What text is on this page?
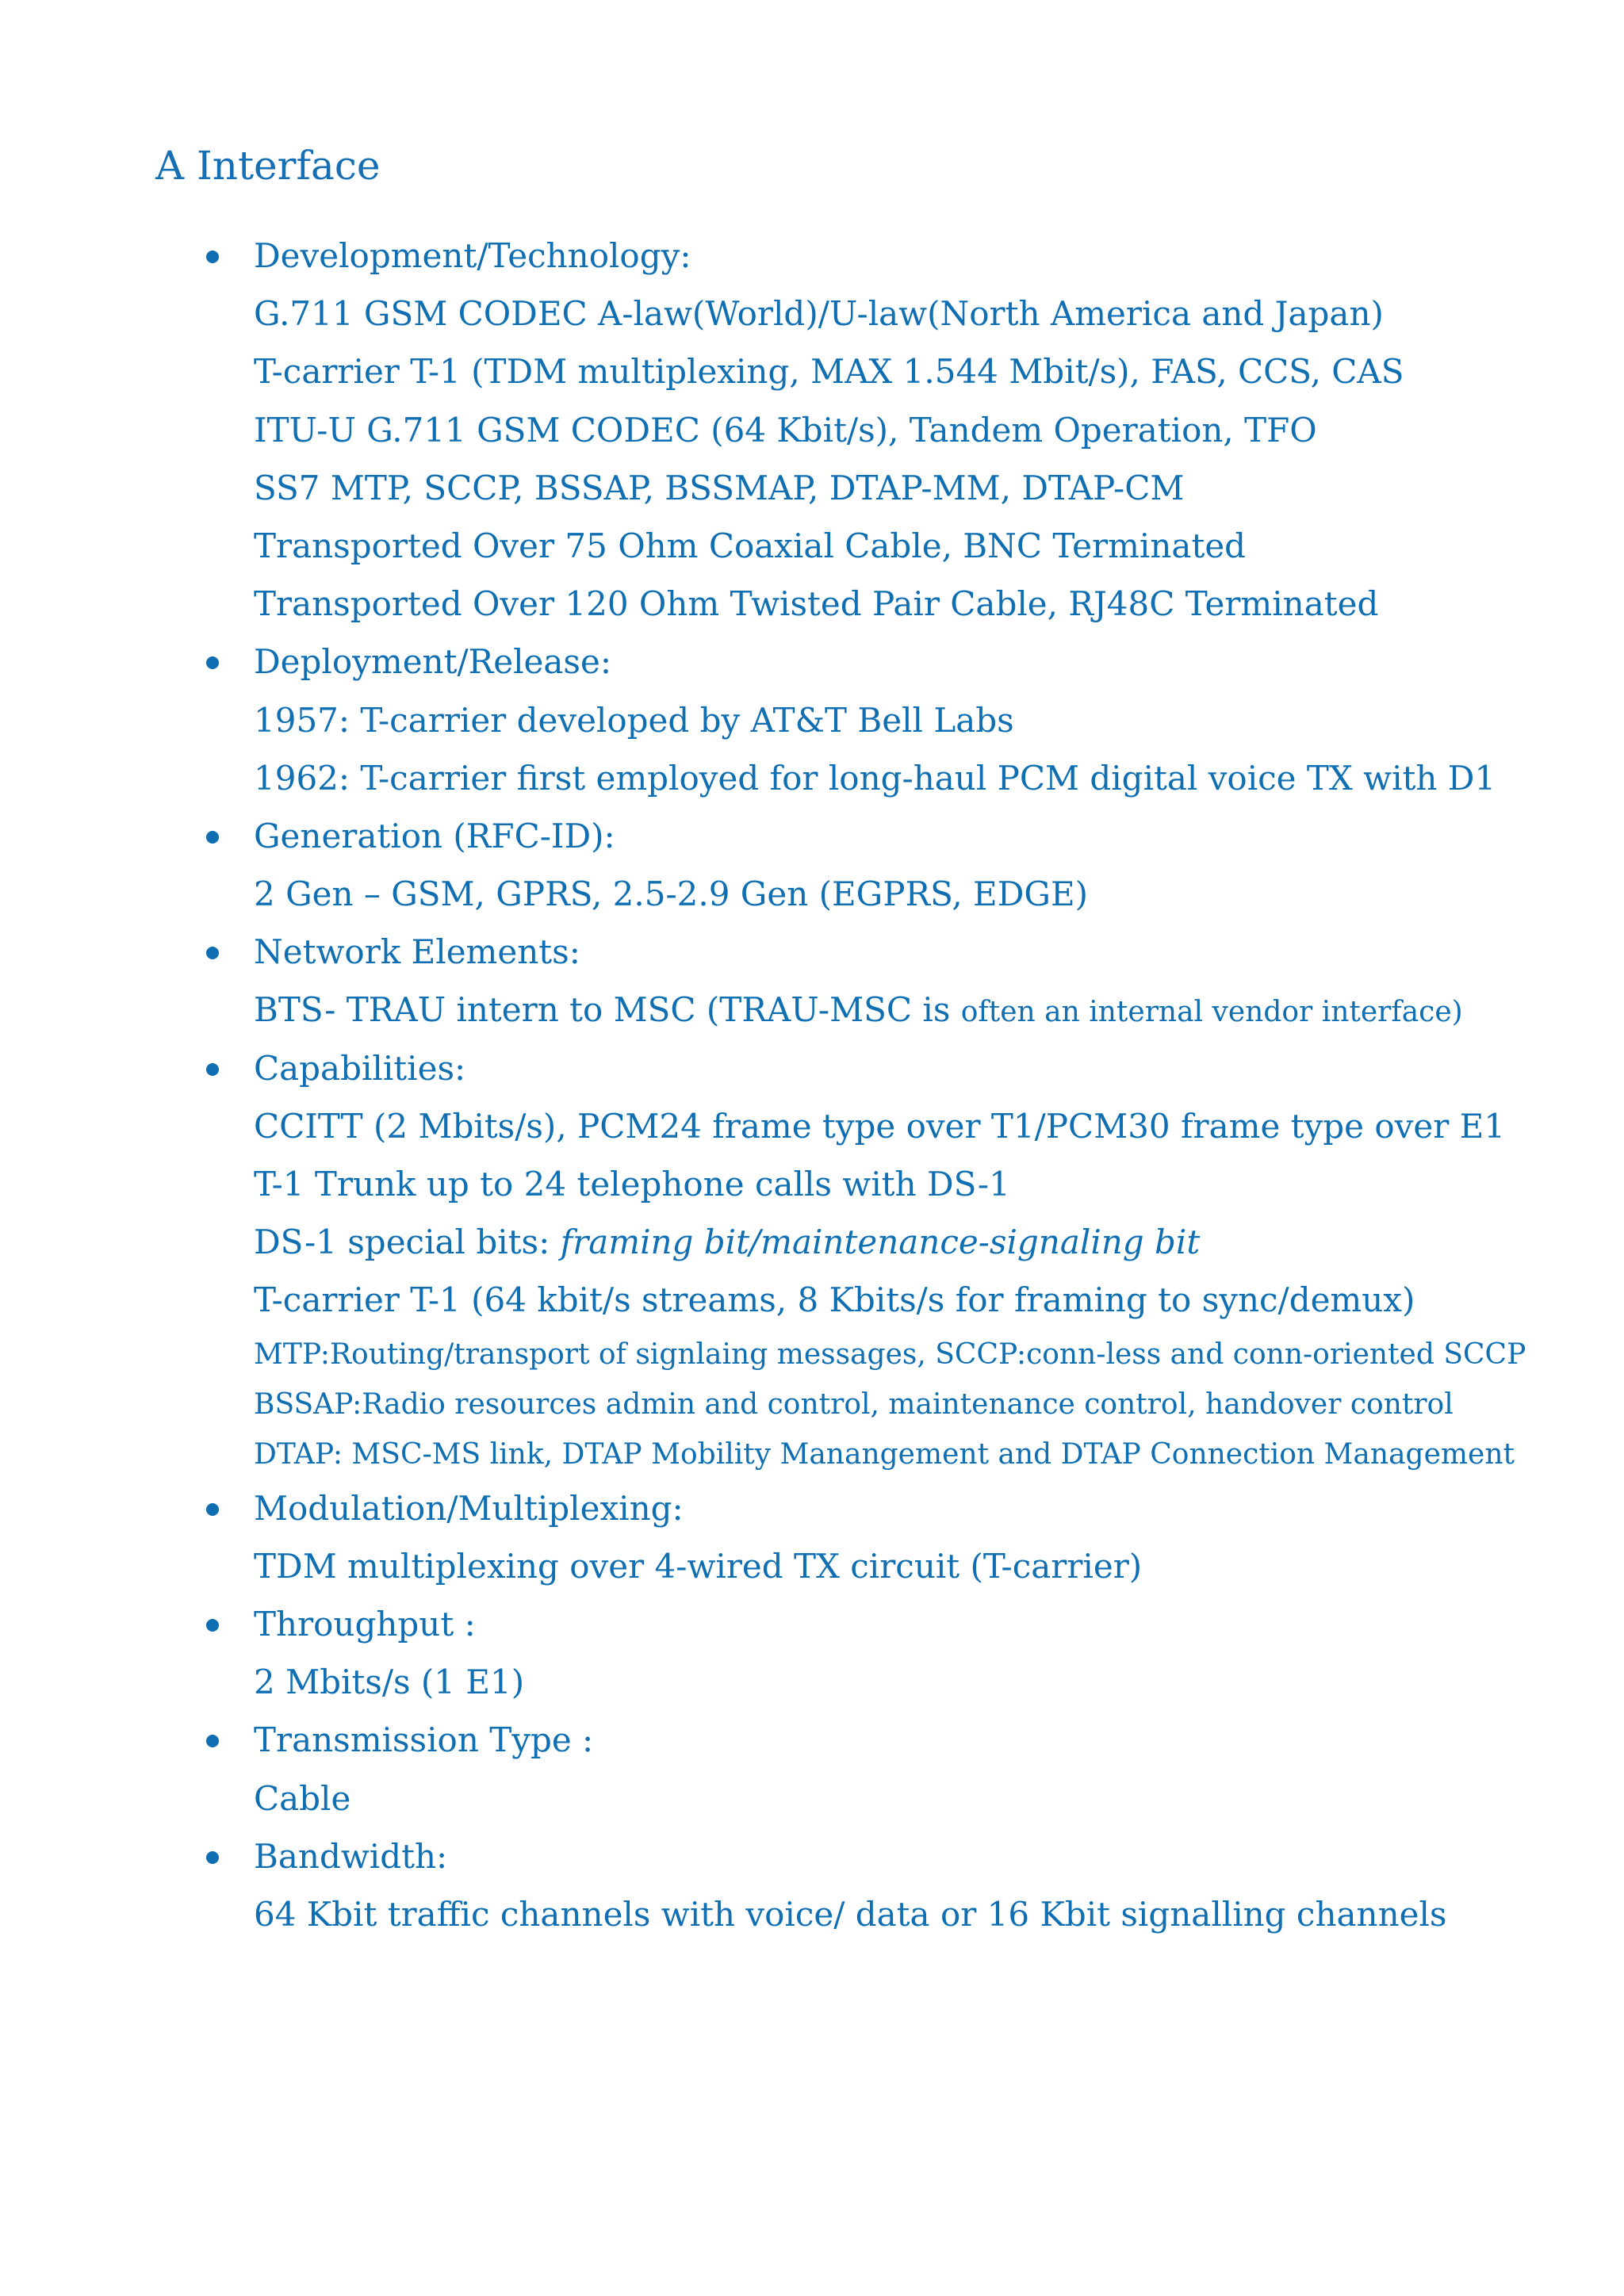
A Interface
Development/Technology:
G.711 GSM CODEC A-law(World)/U-law(North America and Japan)
T-carrier T-1 (TDM multiplexing, MAX 1.544 Mbit/s), FAS, CCS, CAS
ITU-U G.711 GSM CODEC (64 Kbit/s), Tandem Operation, TFO
SS7 MTP, SCCP, BSSAP, BSSMAP, DTAP-MM, DTAP-CM
Transported Over 75 Ohm Coaxial Cable, BNC Terminated
Transported Over 120 Ohm Twisted Pair Cable, RJ48C Terminated
Deployment/Release:
1957: T-carrier developed by AT&T Bell Labs
1962: T-carrier first employed for long-haul PCM digital voice TX with D1
Generation (RFC-ID):
2 Gen – GSM, GPRS, 2.5-2.9 Gen (EGPRS, EDGE)
Network Elements:
BTS- TRAU intern to MSC (TRAU-MSC is often an internal vendor interface)
Capabilities:
CCITT (2 Mbits/s), PCM24 frame type over T1/PCM30 frame type over E1
T-1 Trunk up to 24 telephone calls with DS-1
DS-1 special bits: framing bit/maintenance-signaling bit
T-carrier T-1 (64 kbit/s streams, 8 Kbits/s for framing to sync/demux)
MTP:Routing/transport of signlaing messages, SCCP:conn-less and conn-oriented SCCP
BSSAP:Radio resources admin and control, maintenance control, handover control
DTAP: MSC-MS link, DTAP Mobility Manangement and DTAP Connection Management
Modulation/Multiplexing:
TDM multiplexing over 4-wired TX circuit (T-carrier)
Throughput :
2 Mbits/s (1 E1)
Transmission Type :
Cable
Bandwidth:
64 Kbit traffic channels with voice/ data or 16 Kbit signalling channels
